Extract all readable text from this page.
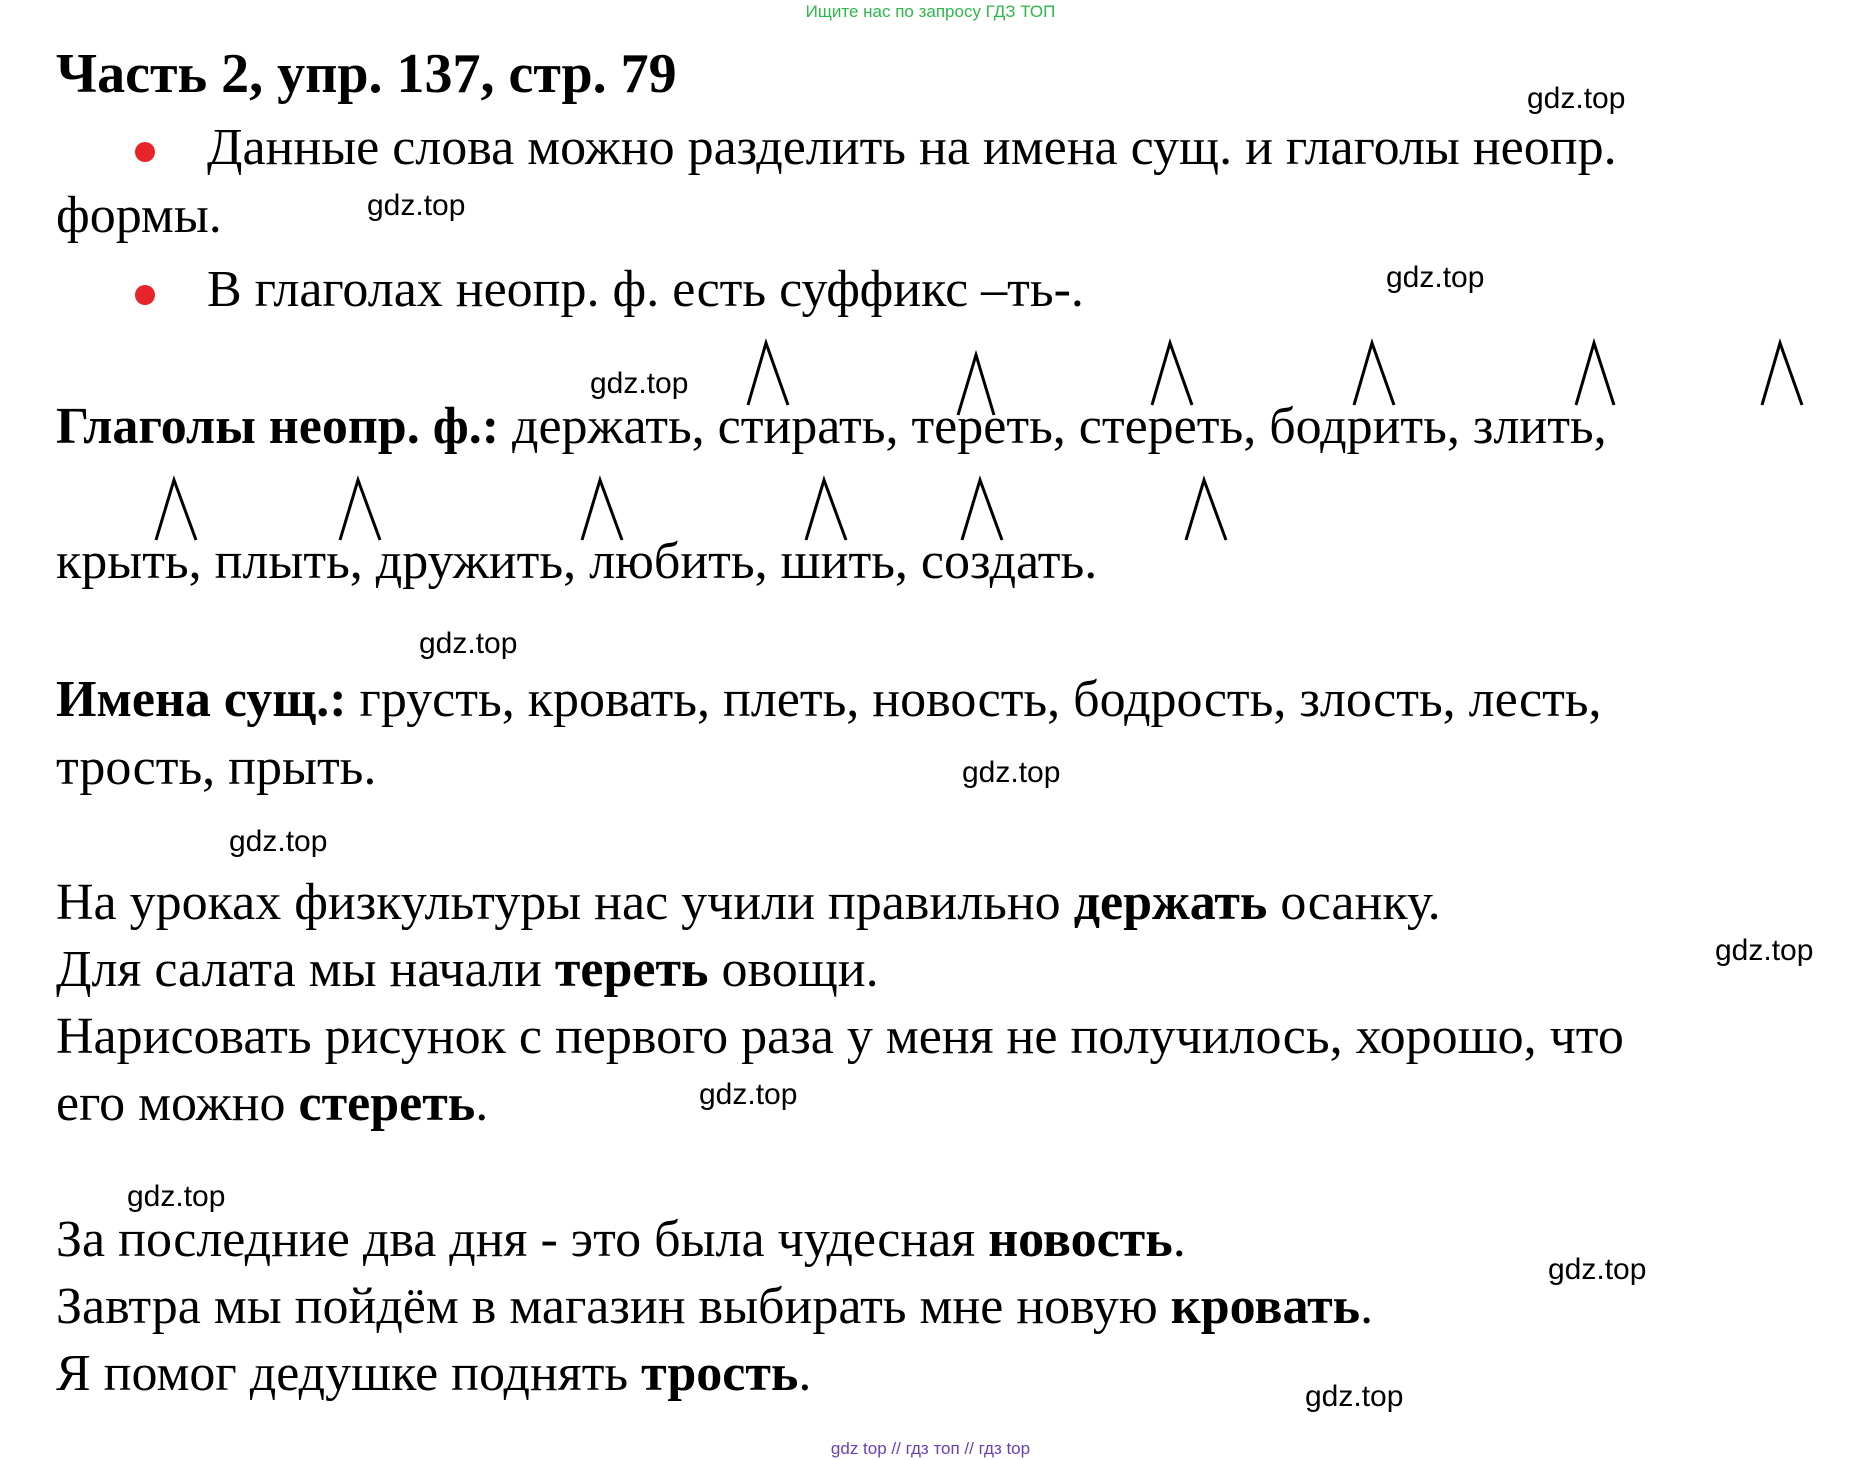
Ищите нас по запросу ГДЗ ТОП
Часть 2, упр. 137, стр. 79	gdz.top
gdz.top
gdz.top
gdz.top
gdz.top
gdz.top
gdz.top
gdz.top
gdz.top
gdz.top
gdz.top
gdz.top
Данные слова можно разделить на имена сущ. и глаголы неопр.
формы.
В глаголах неопр. ф. есть суффикс –ть-.
Глаголы неопр. ф.: держать, стирать, тереть, стереть, бодрить, злить,
крыть, плыть, дружить, любить, шить, создать.
Имена сущ.: грусть, кровать, плеть, новость, бодрость, злость, лесть,
трость, прыть.
На уроках физкультуры нас учили правильно держать осанку.
Для салата мы начали тереть овощи.
Нарисовать рисунок с первого раза у меня не получилось, хорошо, что
его можно стереть.
За последние два дня - это была чудесная новость.
Завтра мы пойдём в магазин выбирать мне новую кровать.
Я помог дедушке поднять трость.
gdz top // гдз топ // гдз top
